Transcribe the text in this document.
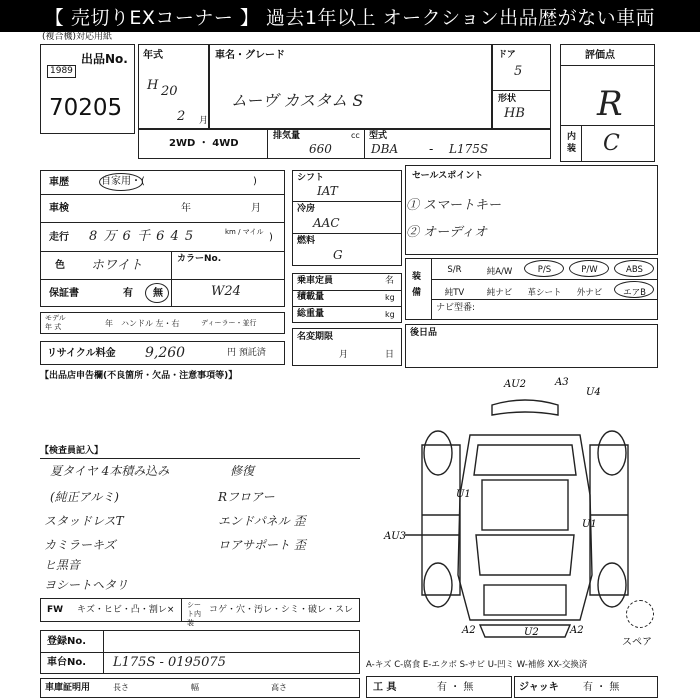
【 売切りEXコーナー 】 過去1年以上 オークション出品歴がない車両
(複合機)対応用紙
出品No.
1989
70205
年式
H 20
2 月
車名・グレード
ムーヴ カスタム S
ドア
5
形状
HB
評価点
R
内装 C
2WD ・ 4WD
排気量	cc
660
型式
DBA	- L175S
車歴	自家用・(	)
車検	年	月
走行 8 万 6 千 6 4 5	km / マイル )
色 ホワイト	カラーNo.
W24
保証書	有 無
モデル
年 式	年 ハンドル 左・右	ディーラー・並行
リサイクル料金 9,260	円 預託済
【出品店申告欄(不良箇所・欠品・注意事項等)】
シフト
IAT
冷房
AAC
燃料
G
乗車定員	名
積載量	kg
総重量	kg
名変期限
月	日
セールスポイント
① スマートキー
② オーディオ
装備
ナビ型番:
S/R	純A/W	P/S	P/W	ABS
純TV	純ナビ	革シート	外ナビ	エアB
後日品
AU2	A3
U4
U1
U1
AU3
A2	U2	A2
スペア
【検査員記入】
夏タイヤ 4本積み込み
(純正アルミ)
スタッドレスT
カミラーキズ
ヒ黒音
ヨシートヘタリ
修復
Rフロアー
エンドパネル 歪
ロアサポート 歪
FW キズ・ヒビ・凸・割レ× シート内装
コゲ・穴・汚レ・シミ・破レ・スレ
登録No.
車台No. L175S - 0195075
車庫証明用	長さ	幅	高さ
A-キズ C-腐食 E-エクボ S-サビ U-凹ミ W-補修 XX-交換済
工 具	有 ・ 無	ジャッキ 有 ・ 無
